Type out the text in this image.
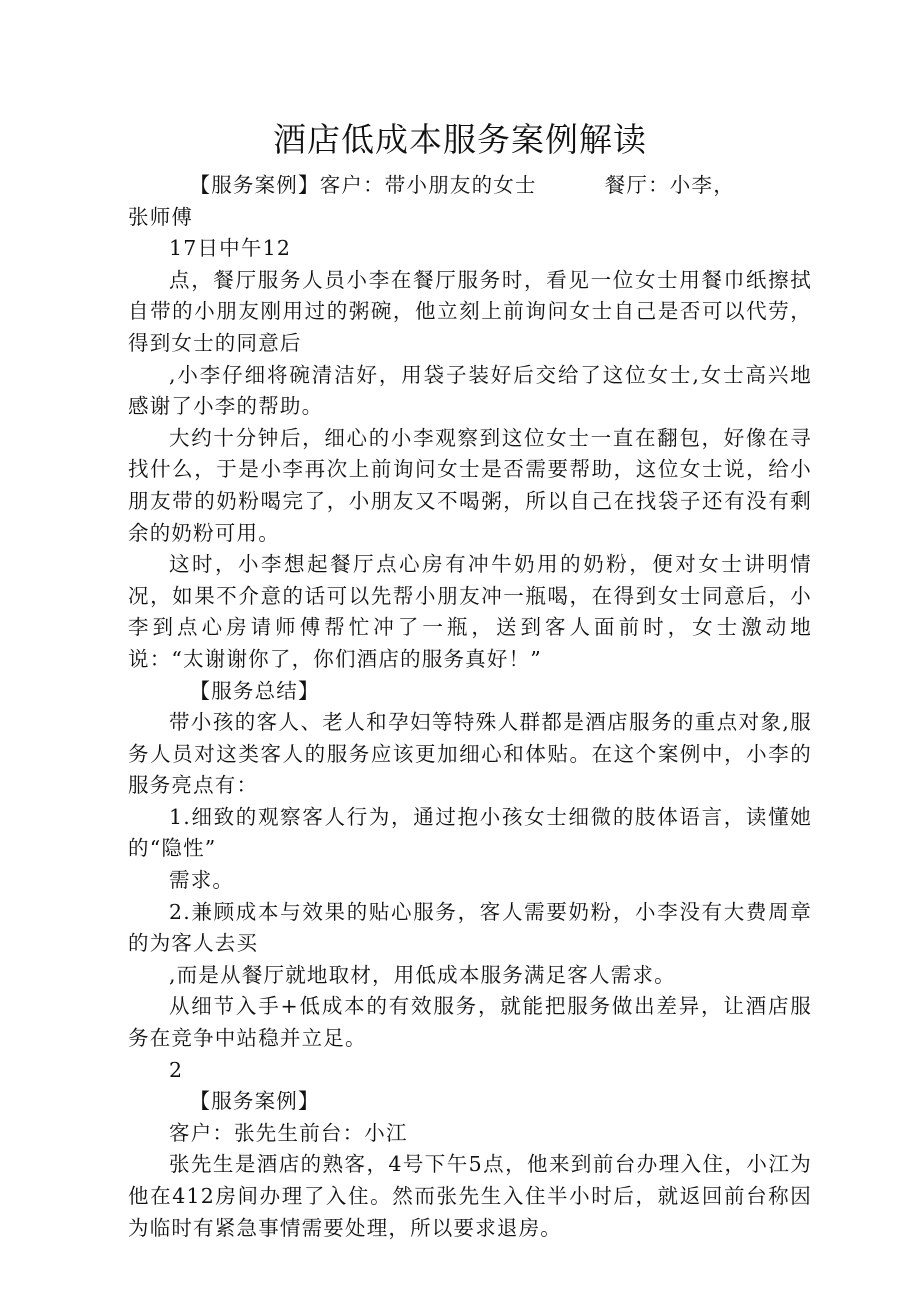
酒店低成本服务案例解读

【服务案例】客户：带小朋友的女士	餐厅：小李，

张师傅

17日中午12

点，餐厅服务人员小李在餐厅服务时，看见一位女士用餐巾纸擦拭自带的小朋友刚用过的粥碗，他立刻上前询问女士自己是否可以代劳，得到女士的同意后

,小李仔细将碗清洁好，用袋子装好后交给了这位女士,女士高兴地感谢了小李的帮助。

大约十分钟后，细心的小李观察到这位女士一直在翻包，好像在寻找什么，于是小李再次上前询问女士是否需要帮助，这位女士说，给小朋友带的奶粉喝完了，小朋友又不喝粥，所以自己在找袋子还有没有剩余的奶粉可用。

这时，小李想起餐厅点心房有冲牛奶用的奶粉，便对女士讲明情况，如果不介意的话可以先帮小朋友冲一瓶喝，在得到女士同意后，小李到点心房请师傅帮忙冲了一瓶，送到客人面前时，女士激动地说：“太谢谢你了，你们酒店的服务真好！”

【服务总结】

带小孩的客人、老人和孕妇等特殊人群都是酒店服务的重点对象,服务人员对这类客人的服务应该更加细心和体贴。在这个案例中，小李的服务亮点有：

1.细致的观察客人行为，通过抱小孩女士细微的肢体语言，读懂她的“隐性”

需求。

2.兼顾成本与效果的贴心服务，客人需要奶粉，小李没有大费周章的为客人去买

,而是从餐厅就地取材，用低成本服务满足客人需求。

从细节入手+低成本的有效服务，就能把服务做出差异，让酒店服务在竞争中站稳并立足。

2

【服务案例】

客户：张先生前台：小江

张先生是酒店的熟客，4号下午5点，他来到前台办理入住，小江为他在412房间办理了入住。然而张先生入住半小时后，就返回前台称因为临时有紧急事情需要处理，所以要求退房。
